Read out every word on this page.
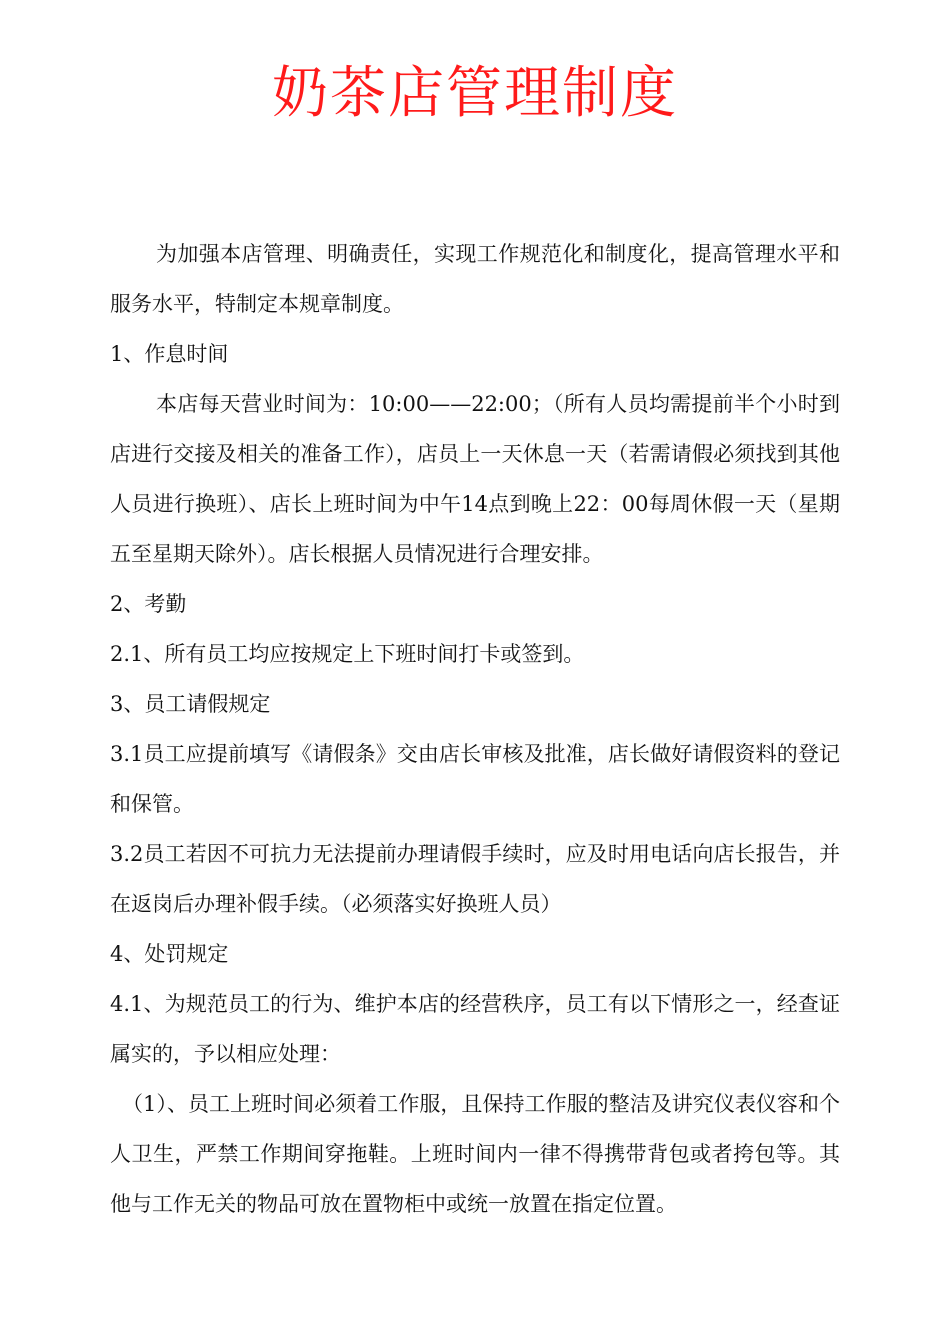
奶茶店管理制度

为加强本店管理、明确责任，实现工作规范化和制度化，提高管理水平和服务水平，特制定本规章制度。

1、作息时间

本店每天营业时间为：10:00——22:00；（所有人员均需提前半个小时到店进行交接及相关的准备工作），店员上一天休息一天（若需请假必须找到其他人员进行换班）、店长上班时间为中午14点到晚上22：00每周休假一天（星期五至星期天除外）。店长根据人员情况进行合理安排。

2、考勤

2.1、所有员工均应按规定上下班时间打卡或签到。

3、员工请假规定

3.1员工应提前填写《请假条》交由店长审核及批准，店长做好请假资料的登记和保管。

3.2员工若因不可抗力无法提前办理请假手续时，应及时用电话向店长报告，并在返岗后办理补假手续。（必须落实好换班人员）

4、处罚规定

4.1、为规范员工的行为、维护本店的经营秩序，员工有以下情形之一，经查证属实的，予以相应处理：

（1）、员工上班时间必须着工作服，且保持工作服的整洁及讲究仪表仪容和个人卫生，严禁工作期间穿拖鞋。上班时间内一律不得携带背包或者挎包等。其他与工作无关的物品可放在置物柜中或统一放置在指定位置。
